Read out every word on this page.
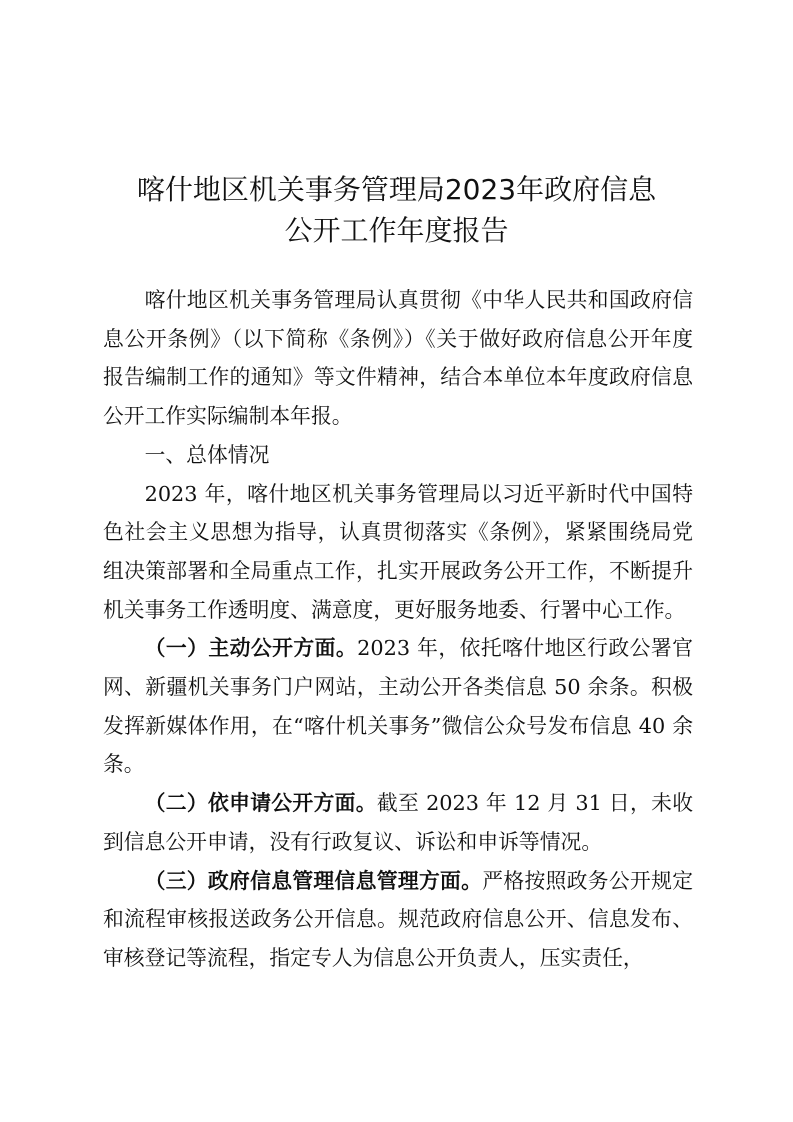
喀什地区机关事务管理局2023年政府信息
公开工作年度报告

喀什地区机关事务管理局认真贯彻《中华人民共和国政府信息公开条例》（以下简称《条例》）《关于做好政府信息公开年度报告编制工作的通知》等文件精神，结合本单位本年度政府信息公开工作实际编制本年报。

一、总体情况

2023 年，喀什地区机关事务管理局以习近平新时代中国特色社会主义思想为指导，认真贯彻落实《条例》，紧紧围绕局党组决策部署和全局重点工作，扎实开展政务公开工作，不断提升机关事务工作透明度、满意度，更好服务地委、行署中心工作。

（一）主动公开方面。2023 年，依托喀什地区行政公署官网、新疆机关事务门户网站，主动公开各类信息 50 余条。积极发挥新媒体作用，在“喀什机关事务”微信公众号发布信息 40 余条。

（二）依申请公开方面。截至 2023 年 12 月 31 日，未收到信息公开申请，没有行政复议、诉讼和申诉等情况。

（三）政府信息管理信息管理方面。严格按照政务公开规定和流程审核报送政务公开信息。规范政府信息公开、信息发布、审核登记等流程，指定专人为信息公开负责人，压实责任，
